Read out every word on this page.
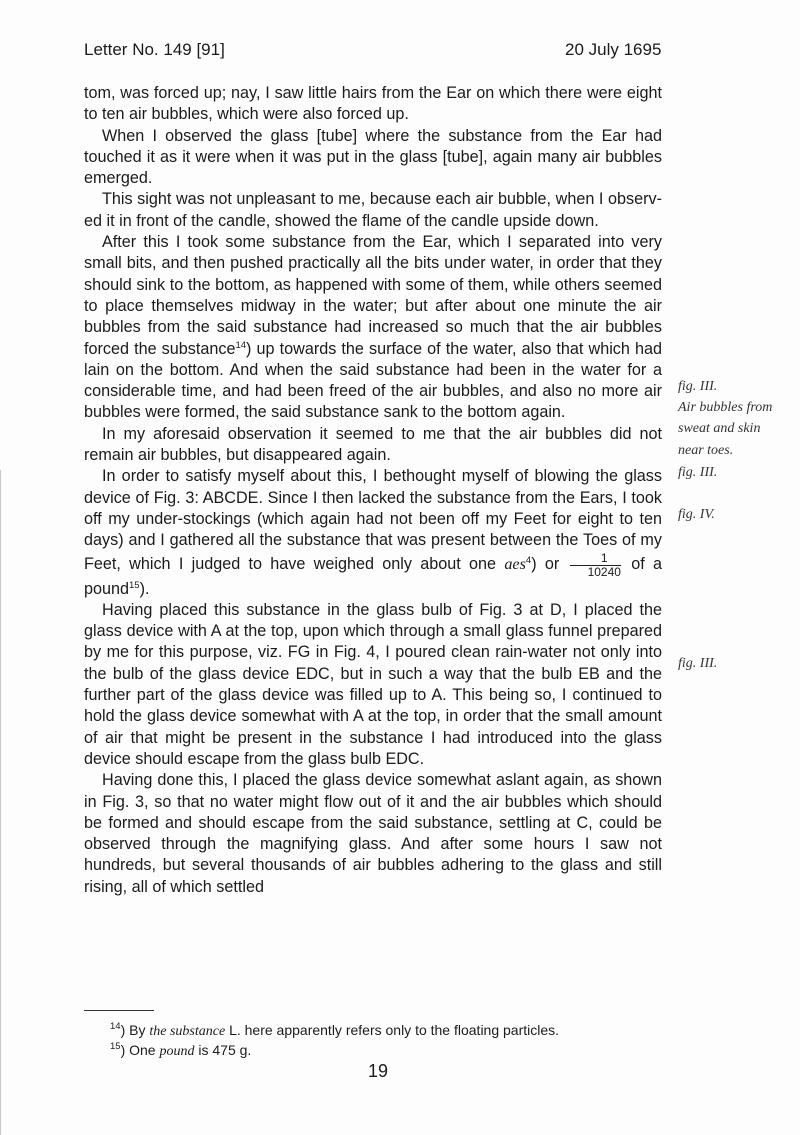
Letter No. 149 [91]	20 July 1695

tom, was forced up; nay, I saw little hairs from the Ear on which there were eight to ten air bubbles, which were also forced up.

When I observed the glass [tube] where the substance from the Ear had touched it as it were when it was put in the glass [tube], again many air bubbles emerged.

This sight was not unpleasant to me, because each air bubble, when I observed it in front of the candle, showed the flame of the candle upside down.

After this I took some substance from the Ear, which I separated into very small bits, and then pushed practically all the bits under water, in order that they should sink to the bottom, as happened with some of them, while others seemed to place themselves midway in the water; but after about one minute the air bubbles from the said substance had increased so much that the air bubbles forced the substance$^{14}$) up towards the surface of the water, also that which had lain on the bottom. And when the said substance had been in the water for a considerable time, and had been freed of the air bubbles, and also no more air bubbles were formed, the said substance sank to the bottom again.

In my aforesaid observation it seemed to me that the air bubbles did not remain air bubbles, but disappeared again.

In order to satisfy myself about this, I bethought myself of blowing the glass device of Fig. 3: ABCDE. Since I then lacked the substance from the Ears, I took off my under-stockings (which again had not been off my Feet for eight to ten days) and I gathered all the substance that was present between the Toes of my Feet, which I judged to have weighed only about one aes$^4$) or $\frac{1}{10240}$ of a pound$^{15}$).

Having placed this substance in the glass bulb of Fig. 3 at D, I placed the glass device with A at the top, upon which through a small glass funnel prepared by me for this purpose, viz. FG in Fig. 4, I poured clean rain-water not only into the bulb of the glass device EDC, but in such a way that the bulb EB and the further part of the glass device was filled up to A. This being so, I continued to hold the glass device somewhat with A at the top, in order that the small amount of air that might be present in the substance I had introduced into the glass device should escape from the glass bulb EDC.

Having done this, I placed the glass device somewhat aslant again, as shown in Fig. 3, so that no water might flow out of it and the air bubbles which should be formed and should escape from the said substance, settling at C, could be observed through the magnifying glass. And after some hours I saw not hundreds, but several thousands of air bubbles adhering to the glass and still rising, all of which settled

fig. III.
Air bubbles from
sweat and skin
near toes.
fig. III.
fig. IV.
fig. III.

$^{14}$) By the substance L. here apparently refers only to the floating particles.

$^{15}$) One pound is 475 g.

19
